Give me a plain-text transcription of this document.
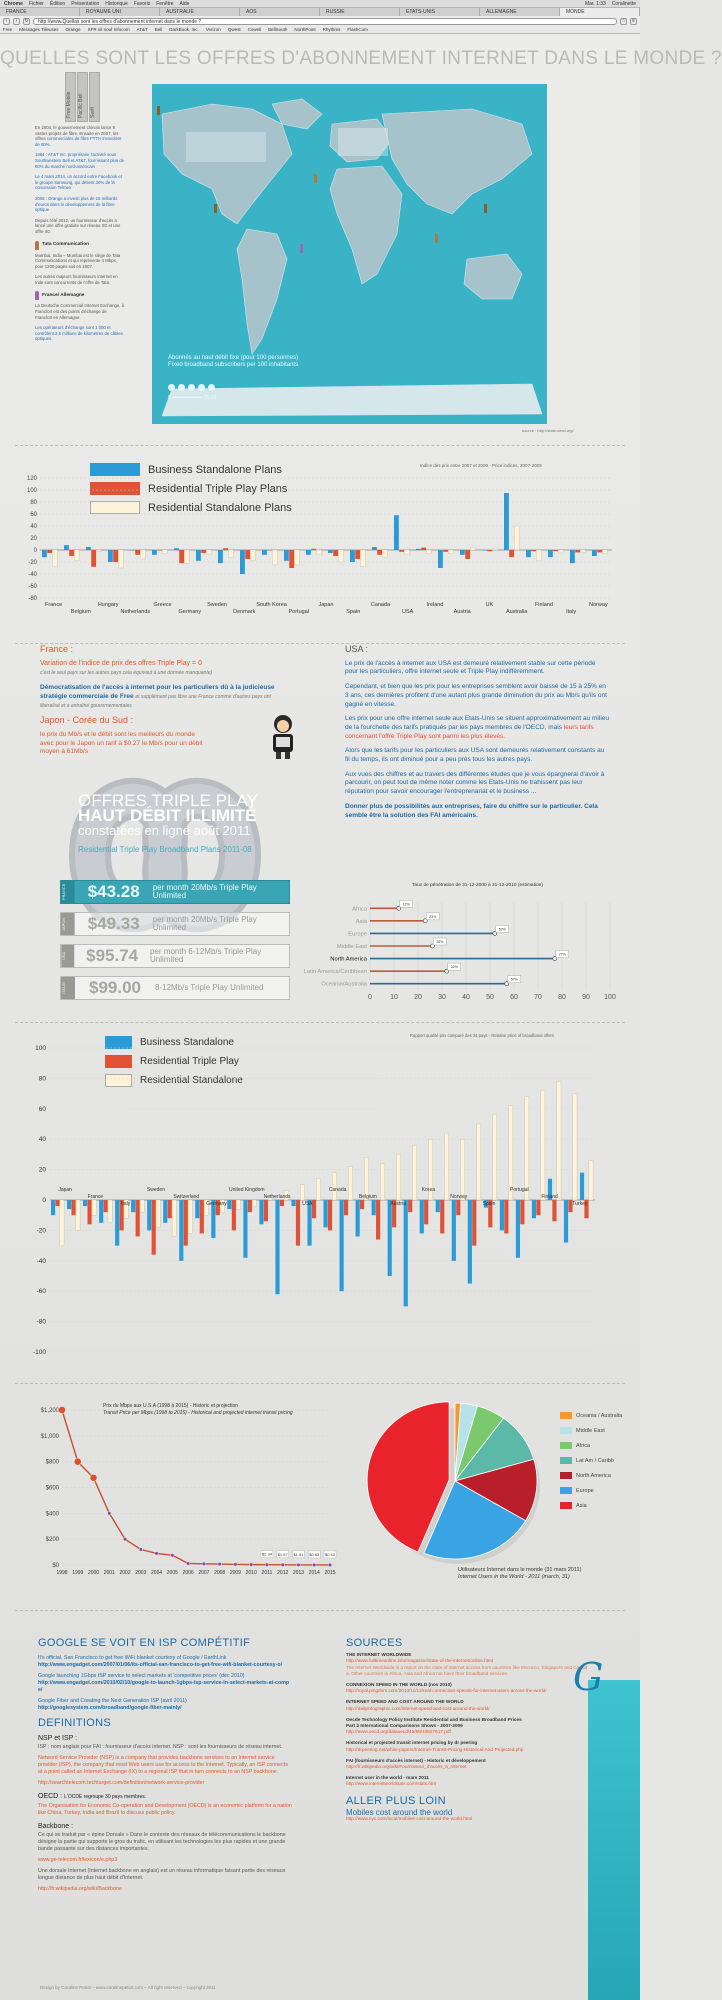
Chrome Fichier Édition Présentation Historique Favoris Fenêtre Aide	Mar. 1:33 Coralinette
FRANCE	ROYAUME UNI	AUSTRALIE	AOS	RUSSIE	ETATS-UNIS	ALLEMAGNE	MONDE
‹	›	↻	http://www.Quellas sont les offres d'abonnement internet dans le monde ?	☆	≡
Free Messages Tilleuses Orange SFR nil nouf Infocom AT&T Bell DarkBook, Inc. Verizon Qwest Cowell BellSouth NorthPoint Rhythms FlashCom
QUELLES SONT LES OFFRES D'ABONNEMENT INTERNET DANS LE MONDE ?
Free Mobile	Pacific Bell	Swift

En 2004, le gouvernement chinois lance 9 vastes projets de fibre. Ensuite en 2007, les offres commerciales de fibre FTTH s'envolent de 80%.

1984 : AT&T Inc. propriétaire l'activité sous Southwestern Bell et AT&T, fournissant plus de 80% du marché nord-américain

Le 4 mars 2014, un accord entre Facebook et le groupe Samsung, qui détient 30% de la concession Telmex

2006 : Orange a investi plus de 15 milliards d'euros dans le développement de la fibre optique

Depuis l'été 2012, un fournisseur d'accès a lancé une offre gratuite sur réseau 3G et une offre 4G

Tata Communication

Mumbai, India – Mumbai est le siège de Tata Communications et qui représente 4 Mbps, pour 1200 pages soit en 2007.

Les autres majeurs fournisseurs internet en Inde sont concurrents de l'offre de Tata.

France/ Allemagne

La Deutsche Commercial Internet Exchange, à Francfort est des points d'échange de Francfort en Allemagne.

Les opérateurs d'échange sont 1 000 et contrôlent 2,5 millions de kilomètres de câbles optiques.

Abonnés au haut débit fixe (pour 100 personnes)
Fixed broadband subscribers per 100 inhabitants
0 ━━━━━━━━━━ 35,19
source : http://stats.oecd.org/
Business Standalone Plans
Residential Triple Play Plans
Residential Standalone Plans
Indice des prix entre 2007 et 2009 - Price indices, 2007-2009
120
100
80
60
40
20
0
-20
-40
-60
-80
France
Belgium
Hungary
Netherlands
Greece
Germany
Sweden
Denmark
South Korea
Portugal
Japan
Spain
Canada
USA
Ireland
Austria
UK
Australia
Finland
Italy
Norway
France :

Variation de l'indice de prix des offres Triple Play = 0

c'est le seul pays sur les autres pays cela équivaut à une donnée manquante)

Démocratisation de l'accès à internet pour les particuliers dû à la judicieuse stratégie commerciale de Free et supplément pas libre une France comme d'autres pays ont libéralisé et a entraîné gouvernementales

Japon - Corée du Sud :

le prix du Mb/s et le débit sont les meilleurs du monde avec pour le Japon un tarif à $0.27 le Mb/s pour un débit moyen à 61Mb/s

OFFRES TRIPLE PLAY
HAUT DÉBIT ILLIMITÉ
constatées en ligne août 2011
Residential Triple Play Broadband Plans 2011-08
FRANCE	$43.28	per month 20Mb/s Triple Play Unlimited
JAPON	$49.33	per month 20Mb/s Triple Play Unlimited
USA	$95.74	per month 6-12Mb/s Triple Play Unlimited
ITALIE	$99.00	8-12Mb/s Triple Play Unlimited
USA :

Le prix de l'accès à internet aux USA est demeuré relativement stable sur cette période pour les particuliers, offre internet seule et Triple Play indifféremment.

Cependant, et bien que les prix pour les entreprises semblent avoir baissé de 15 à 25% en 3 ans, ces dernières profitent d'une autant plus grande diminution du prix au Mb/s qu'ils ont gagné en vitesse.

Les prix pour une offre internet seule aux Etats-Unis se situent approximativement au milieu de la fourchette des tarifs pratiqués par les pays membres de l'OECD, mais leurs tarifs concernant l'offre Triple Play sont parmi les plus élevés.

Alors que les tarifs pour les particuliers aux USA sont demeurés relativement constants au fil du temps, ils ont diminué pour a peu près tous les autres pays.

Aux vues des chiffres et au travers des différentes études que je vous épargnerai d'avoir à parcourir, on peut tout de même noter comme les Etats-Unis ne trahissent pas leur réputation pour savoir encourager l'entreprenariat et le business ...

Donner plus de possibilités aux entreprises, faire du chiffre sur le particulier. Cela semble être la solution des FAI américains.

Taux de pénétration de 31-12-2000 à 31-12-2010 (estimation)
0	10 20 30 40 50 60 70 80 90 100
Africa
12%
Asia
23%
Europe
52%
Middle East
26%
North America
77%
Latin America/Caribbean
32%
Oceania/Australia
57%
Business Standalone
Residential Triple Play
Residential Standalone
Rapport qualité prix comparé des 34 pays - Relative price of broadband offers
100
80
60
40
20
0
-20
-40
-60
-80
-100
Japan
France
Italy
Sweden
Switzerland
Germany
United Kingdom
Netherlands
USA
Canada
Belgium
Austria
Korea
Norway
Spain
Portugal
Finland
Turkey
Prix du Mbps aux U.S.A (1998 à 2015) - Historic et projection
Transit Price per Mbps (1998 to 2015) - Historical and projected internet transit pricing
$1,200
$1,000
$800
$600
$400
$200
$0
$2.34 $1.57 $1.01 $0.63 $0.40
1998 1999 2000 2001 2002 2003 2004 2005 2006 2007 2008 2009 2010 2011 2012 2013 2014 2015
Oceania / Australia
Middle East
Africa
Lat Am / Caribb
North America
Europe
Asia
Utilisateurs Internet dans le monde (31 mars 2011)
Internet Users in the World - 2011 (march, 31)
GOOGLE SE VOIT EN ISP COMPÉTITIF
It's official, San Francisco to get free WiFi blanket courtesy of Google / EarthLink
http://www.engadget.com/2007/01/06/its-official-san-francisco-to-get-free-wifi-blanket-courtesy-o/
Google launching 1Gbps ISP service to select markets at 'competitive prices' (dec 2010)
http://www.engadget.com/2010/02/10/google-to-launch-1gbps-isp-service-in-select-markets-at-compe/
Google Fiber and Creating the Next Generation ISP (avril 2011)
http://googlesystem.com/broadband/google-fiber-mainly/
DEFINITIONS
NSP et ISP :
ISP : nom anglais pour FAI : fournisseur d'accès internet. NSP : sont les fournisseurs de réseau internet.
Netword Service Provider (NSP) is a company that provides backbone services to an Internet service provider (ISP), the company that most Web users use for access to the Internet. Typically, an ISP connects at a point called an Internet Exchange (IX) to a regional ISP that in turn connects to an NSP backbone.
http://searchtelecom.techtarget.com/definition/network-service-provider
OECD : L'OCDE regroupe 30 pays membres.
The Organisation for Economic Co-operation and Development (OECD) is an economic platform for a nation like China, Turkey, India and Brazil to discuss public policy.
Backbone :
Ce qui se traduit par « épine Dorsale » Dans le contexte des réseaux de télécommunications le backbone désigne la partie qui supporte le gros du trafic, en utilisant les technologies les plus rapides et une grande bande passante sur des distances importantes.
www.ge-telecom.fr/lexicon/e.php3
Une dorsale Internet (Internet backbone en anglais) est un réseau informatique faisant partie des réseaux longue distance de plus haut débit d'Internet.
http://fr.wikipedia.org/wiki/Backbone
SOURCES
THE INTERNET WORLDWIDE
http://www.fulltimeonline.info/magazine/state-of-the-internet/online.html
The Internet Worldwide is a report on the state of internet access from countries like Morocco, Singapore and Canada. Other countries in Africa, Asia and Africa not have their broadband services.
CONNEXION SPEED IN THE WORLD (nov 2010)
http://royal.pingdom.com/2010/11/12/real-connection-speeds-for-internet-users-across-the-world/
INTERNET SPEED AND COST AROUND THE WORLD
http://dailyinfographic.com/internet-speed-and-cost-around-the-world/
Oecde Technology Policy Institute Residential and Business Broadband Prices
Part 2 International Comparisons Shows - 2007-2009
http://www.oecd.org/dataoecd/45/59/43627617.pdf
Historical et projected transit internet pricing by dr peering
http://drpeering.net/white-papers/Internet-Transit-Pricing-Historical-And-Projected.php
FAI (fournisseurs d'accès internet) - Historic et développement
http://fr.wikipedia.org/wiki/Fournisseur_d'accès_à_Internet
Internet user in the world - mars 2011
http://www.internetworldstats.com/stats.htm
ALLER PLUS LOIN
Mobiles cost around the world
http://www.nyc.com/local/mobiles-cost-around-the-world.html
G
Design by Coraline Petiot – www.coralinepetiot.com – All right reserved – copyright 2011
